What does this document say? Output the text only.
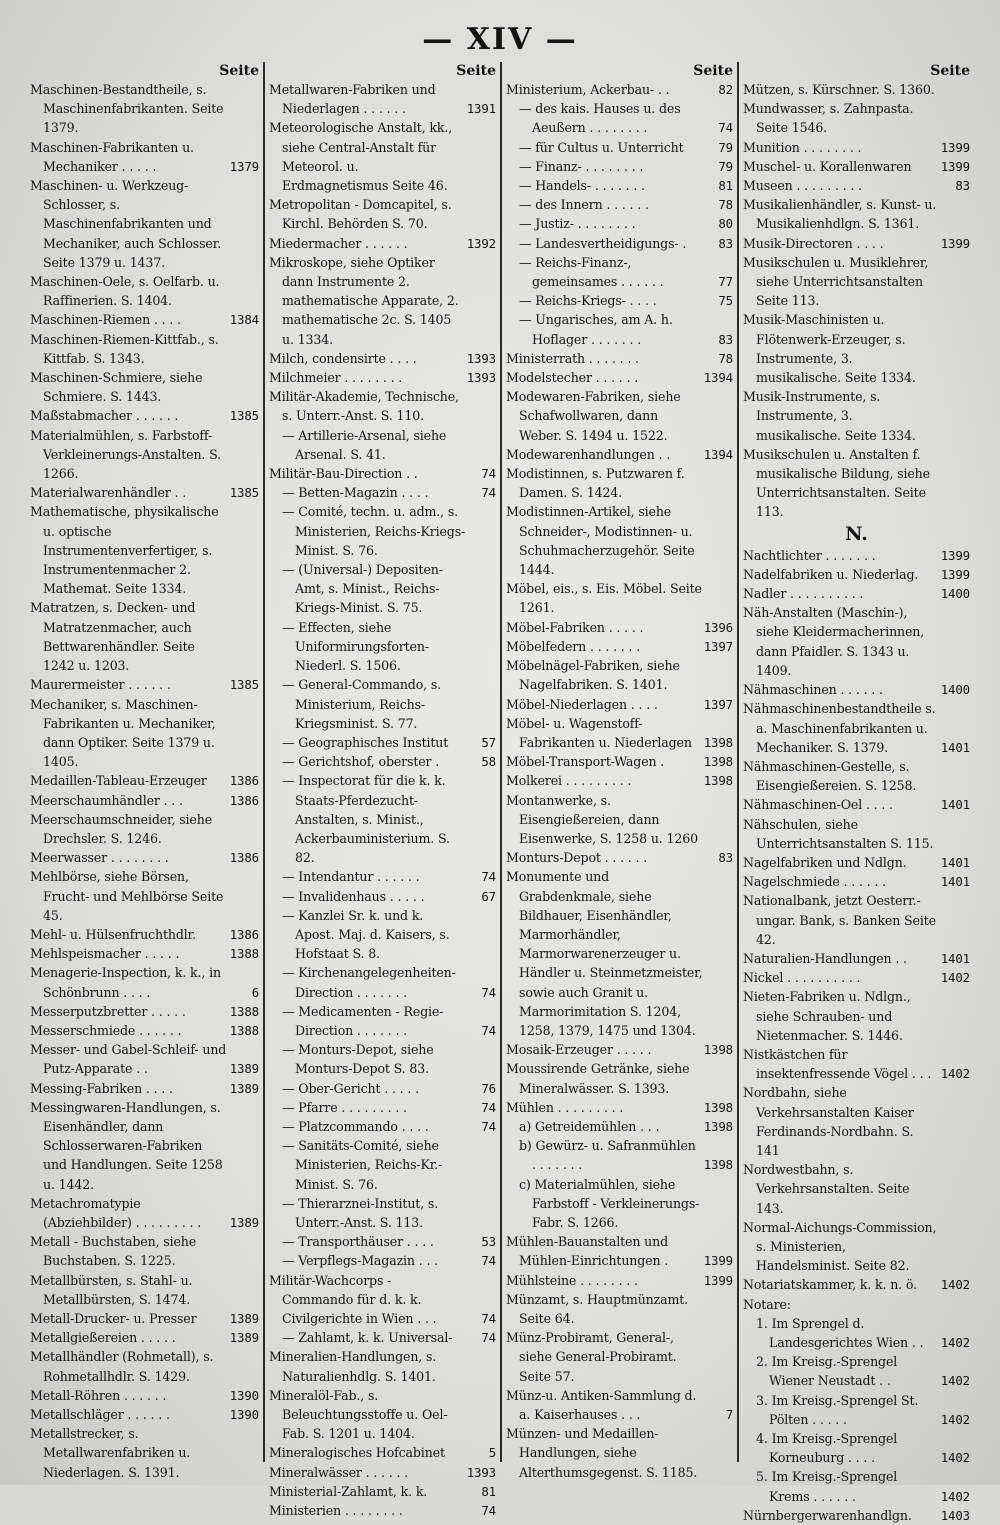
— XIV —
Seite
Maschinen-Bestandtheile, s. Maschinenfabrikanten. Seite 1379.
Maschinen-Fabrikanten u. Mechaniker . . . . .	1379
Maschinen- u. Werkzeug-Schlosser, s. Maschinenfabrikanten und Mechaniker, auch Schlosser. Seite 1379 u. 1437.
Maschinen-Oele, s. Oelfarb. u. Raffinerien. S. 1404.
Maschinen-Riemen . . . .	1384
Maschinen-Riemen-Kittfab., s. Kittfab. S. 1343.
Maschinen-Schmiere, siehe Schmiere. S. 1443.
Maßstabmacher . . . . . .	1385
Materialmühlen, s. Farbstoff-Verkleinerungs-Anstalten. S. 1266.
Materialwarenhändler . .	1385
Mathematische, physikalische u. optische Instrumentenverfertiger, s. Instrumentenmacher 2. Mathemat. Seite 1334.
Matratzen, s. Decken- und Matratzenmacher, auch Bettwarenhändler. Seite 1242 u. 1203.
Maurermeister . . . . . .	1385
Mechaniker, s. Maschinen-Fabrikanten u. Mechaniker, dann Optiker. Seite 1379 u. 1405.
Medaillen-Tableau-Erzeuger 1386
Meerschaumhändler . . .	1386
Meerschaumschneider, siehe Drechsler. S. 1246.
Meerwasser . . . . . . . .	1386
Mehlbörse, siehe Börsen, Frucht- und Mehlbörse Seite 45.
Mehl- u. Hülsenfruchthdlr.	1386
Mehlspeismacher . . . . .	1388
Menagerie-Inspection, k. k., in Schönbrunn . . . .	6
Messerputzbretter . . . . .	1388
Messerschmiede . . . . . .	1388
Messer- und Gabel-Schleif- und Putz-Apparate . .	1389
Messing-Fabriken . . . .	1389
Messingwaren-Handlungen, s. Eisenhändler, dann Schlosserwaren-Fabriken und Handlungen. Seite 1258 u. 1442.
Metachromatypie (Abziehbilder) . . . . . . . . . 1389
Metall - Buchstaben, siehe Buchstaben. S. 1225.
Metallbürsten, s. Stahl- u. Metallbürsten, S. 1474.
Metall-Drucker- u. Presser	1389
Metallgießereien . . . . .	1389
Metallhändler (Rohmetall), s. Rohmetallhdlr. S. 1429.
Metall-Röhren . . . . . .	1390
Metallschläger . . . . . .	1390
Metallstrecker, s. Metallwarenfabriken u. Niederlagen. S. 1391.
Seite
Metallwaren-Fabriken und Niederlagen . . . . . .	1391
Meteorologische Anstalt, kk., siehe Central-Anstalt für Meteorol. u. Erdmagnetismus Seite 46.
Metropolitan - Domcapitel, s. Kirchl. Behörden S. 70.
Miedermacher . . . . . .	1392
Mikroskope, siehe Optiker dann Instrumente 2. mathematische Apparate, 2. mathematische 2c. S. 1405 u. 1334.
Milch, condensirte . . . .	1393
Milchmeier . . . . . . . .	1393
Militär-Akademie, Technische, s. Unterr.-Anst. S. 110.
— Artillerie-Arsenal, siehe Arsenal. S. 41.
Militär-Bau-Direction . .	74
— Betten-Magazin . . . .	74
— Comité, techn. u. adm., s. Ministerien, Reichs-Kriegs-Minist. S. 76.
— (Universal-) Depositen-Amt, s. Minist., Reichs-Kriegs-Minist. S. 75.
— Effecten, siehe Uniformirungsforten-Niederl. S. 1506.
— General-Commando, s. Ministerium, Reichs-Kriegsminist. S. 77.
— Geographisches Institut	57
— Gerichtshof, oberster .	58
— Inspectorat für die k. k. Staats-Pferdezucht-Anstalten, s. Minist., Ackerbauministerium. S. 82.
— Intendantur . . . . . .	74
— Invalidenhaus . . . . .	67
— Kanzlei Sr. k. und k. Apost. Maj. d. Kaisers, s. Hofstaat S. 8.
— Kirchenangelegenheiten-Direction . . . . . . .	74
— Medicamenten - Regie-Direction . . . . . . .	74
— Monturs-Depot, siehe Monturs-Depot S. 83.
— Ober-Gericht . . . . .	76
— Pfarre . . . . . . . . .	74
— Platzcommando . . . .	74
— Sanitäts-Comité, siehe Ministerien, Reichs-Kr.-Minist. S. 76.
— Thierarznei-Institut, s. Unterr.-Anst. S. 113.
— Transporthäuser . . . .	53
— Verpflegs-Magazin . . .	74
Militär-Wachcorps - Commando für d. k. k. Civilgerichte in Wien . . .	74
— Zahlamt, k. k. Universal- 74
Mineralien-Handlungen, s. Naturalienhdlg. S. 1401.
Mineralöl-Fab., s. Beleuchtungsstoffe u. Oel-Fab. S. 1201 u. 1404.
Mineralogisches Hofcabinet	5
Mineralwässer . . . . . .	1393
Ministerial-Zahlamt, k. k.	81
Ministerien . . . . . . . .	74
Seite
Ministerium, Ackerbau- . .	82
— des kais. Hauses u. des Aeußern . . . . . . . .	74
— für Cultus u. Unterricht	79
— Finanz- . . . . . . . .	79
— Handels- . . . . . . .	81
— des Innern . . . . . .	78
— Justiz- . . . . . . . .	80
— Landesvertheidigungs- .	83
— Reichs-Finanz-, gemeinsames . . . . . .	77
— Reichs-Kriegs- . . . .	75
— Ungarisches, am A. h. Hoflager . . . . . . .	83
Ministerrath . . . . . . .	78
Modelstecher . . . . . .	1394
Modewaren-Fabriken, siehe Schafwollwaren, dann Weber. S. 1494 u. 1522.
Modewarenhandlungen . .	1394
Modistinnen, s. Putzwaren f. Damen. S. 1424.
Modistinnen-Artikel, siehe Schneider-, Modistinnen- u. Schuhmacherzugehör. Seite 1444.
Möbel, eis., s. Eis. Möbel. Seite 1261.
Möbel-Fabriken . . . . .	1396
Möbelfedern . . . . . . .	1397
Möbelnägel-Fabriken, siehe Nagelfabriken. S. 1401.
Möbel-Niederlagen . . . .	1397
Möbel- u. Wagenstoff-Fabrikanten u. Niederlagen 1398
Möbel-Transport-Wagen .	1398
Molkerei . . . . . . . . .	1398
Montanwerke, s. Eisengießereien, dann Eisenwerke, S. 1258 u. 1260
Monturs-Depot . . . . . .	83
Monumente und Grabdenkmale, siehe Bildhauer, Eisenhändler, Marmorhändler, Marmorwarenerzeuger u. Händler u. Steinmetzmeister, sowie auch Granit u. Marmorimitation S. 1204, 1258, 1379, 1475 und 1304.
Mosaik-Erzeuger . . . . .	1398
Moussirende Getränke, siehe Mineralwässer. S. 1393.
Mühlen . . . . . . . . .	1398
a) Getreidemühlen . . .	1398
b) Gewürz- u. Safranmühlen . . . . . . .	1398
c) Materialmühlen, siehe Farbstoff - Verkleinerungs-Fabr. S. 1266.
Mühlen-Bauanstalten und Mühlen-Einrichtungen .	1399
Mühlsteine . . . . . . . .	1399
Münzamt, s. Hauptmünzamt. Seite 64.
Münz-Probiramt, General-, siehe General-Probiramt. Seite 57.
Münz-u. Antiken-Sammlung d. a. Kaiserhauses . . .	7
Münzen- und Medaillen-Handlungen, siehe Alterthumsgegenst. S. 1185.
Seite
Mützen, s. Kürschner. S. 1360.
Mundwasser, s. Zahnpasta. Seite 1546.
Munition . . . . . . . .	1399
Muschel- u. Korallenwaren 1399
Museen . . . . . . . . .	83
Musikalienhändler, s. Kunst- u. Musikalienhdlgn. S. 1361.
Musik-Directoren . . . .	1399
Musikschulen u. Musiklehrer, siehe Unterrichtsanstalten Seite 113.
Musik-Maschinisten u. Flötenwerk-Erzeuger, s. Instrumente, 3. musikalische. Seite 1334.
Musik-Instrumente, s. Instrumente, 3. musikalische. Seite 1334.
Musikschulen u. Anstalten f. musikalische Bildung, siehe Unterrichtsanstalten. Seite 113.
N.
Nachtlichter . . . . . . .	1399
Nadelfabriken u. Niederlag. 1399
Nadler . . . . . . . . . .	1400
Näh-Anstalten (Maschin-), siehe Kleidermacherinnen, dann Pfaidler. S. 1343 u. 1409.
Nähmaschinen . . . . . .	1400
Nähmaschinenbestandtheile s. a. Maschinenfabrikanten u. Mechaniker. S. 1379.	1401
Nähmaschinen-Gestelle, s. Eisengießereien. S. 1258.
Nähmaschinen-Oel . . . .	1401
Nähschulen, siehe Unterrichtsanstalten S. 115.
Nagelfabriken und Ndlgn.	1401
Nagelschmiede . . . . . .	1401
Nationalbank, jetzt Oesterr.-ungar. Bank, s. Banken Seite 42.
Naturalien-Handlungen . .	1401
Nickel . . . . . . . . . .	1402
Nieten-Fabriken u. Ndlgn., siehe Schrauben- und Nietenmacher. S. 1446.
Nistkästchen für insektenfressende Vögel . . . 1402
Nordbahn, siehe Verkehrsanstalten Kaiser Ferdinands-Nordbahn. S. 141
Nordwestbahn, s. Verkehrsanstalten. Seite 143.
Normal-Aichungs-Commission, s. Ministerien, Handelsminist. Seite 82.
Notariatskammer, k. k. n. ö. 1402
Notare:
1. Im Sprengel d. Landesgerichtes Wien . . 1402
2. Im Kreisg.-Sprengel Wiener Neustadt . .	1402
3. Im Kreisg.-Sprengel St. Pölten . . . . .	1402
4. Im Kreisg.-Sprengel Korneuburg . . . .	1402
5. Im Kreisg.-Sprengel Krems . . . . . .	1402
Nürnbergerwarenhandlgn. 1403
